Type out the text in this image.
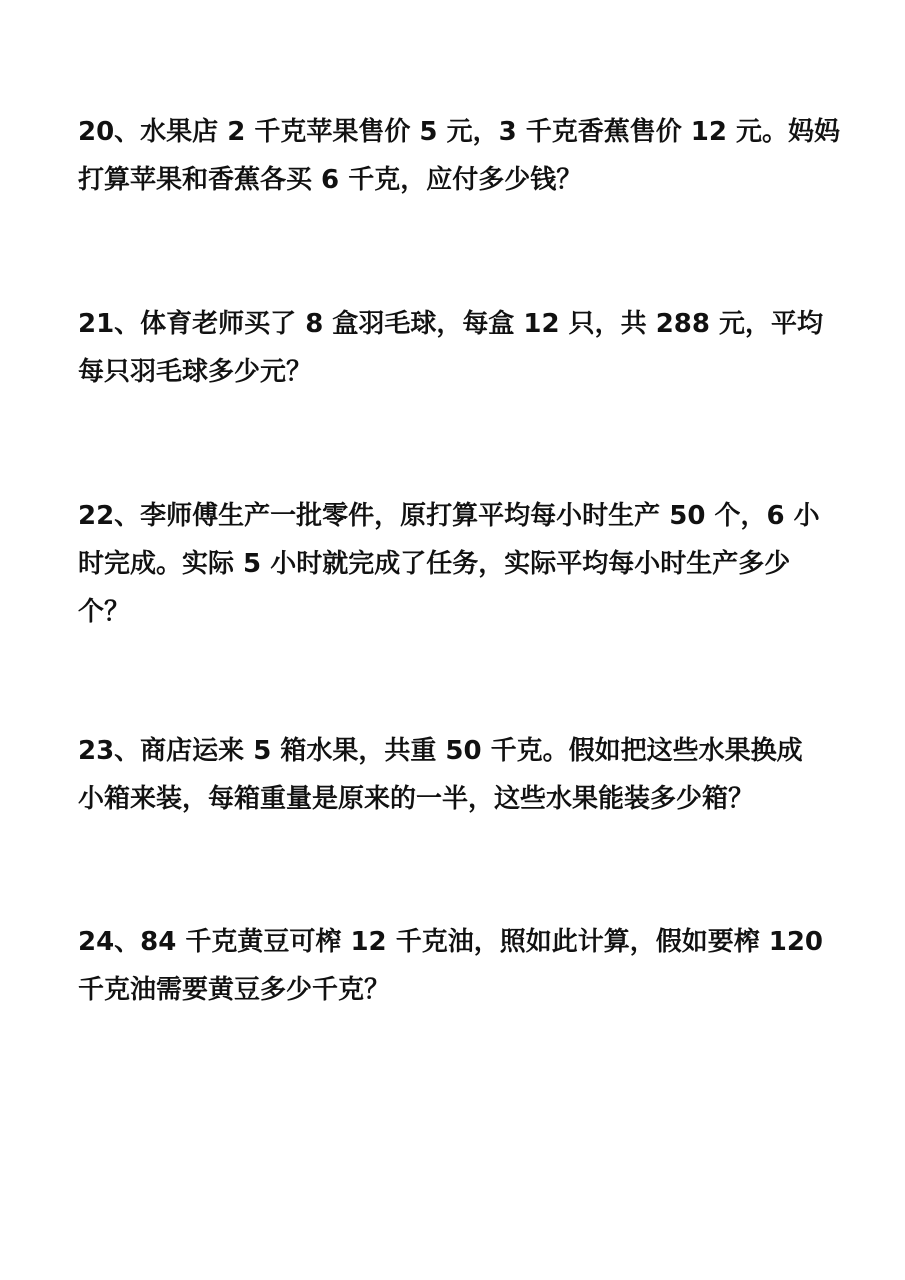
20、水果店 2 千克苹果售价 5 元，3 千克香蕉售价 12 元。妈妈
打算苹果和香蕉各买 6 千克，应付多少钱？
21、体育老师买了 8 盒羽毛球，每盒 12 只，共 288 元，平均
每只羽毛球多少元？
22、李师傅生产一批零件，原打算平均每小时生产 50 个，6 小
时完成。实际 5 小时就完成了任务，实际平均每小时生产多少
个？
23、商店运来 5 箱水果，共重 50 千克。假如把这些水果换成
小箱来装，每箱重量是原来的一半，这些水果能装多少箱？
24、84 千克黄豆可榨 12 千克油，照如此计算，假如要榨 120
千克油需要黄豆多少千克？
